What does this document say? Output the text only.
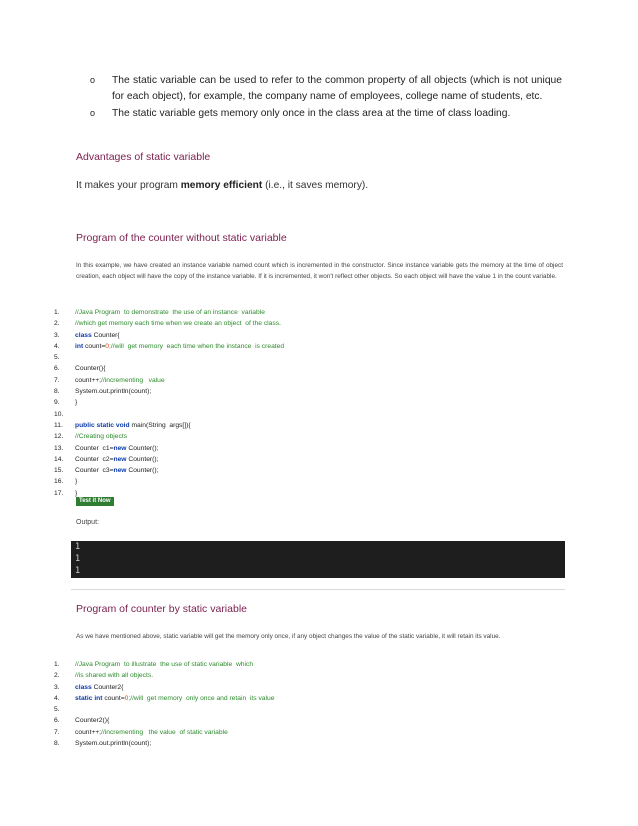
o The static variable can be used to refer to the common property of all objects (which is not unique for each object), for example, the company name of employees, college name of students, etc.
o The static variable gets memory only once in the class area at the time of class loading.
Advantages of static variable
It makes your program memory efficient (i.e., it saves memory).
Program of the counter without static variable
In this example, we have created an instance variable named count which is incremented in the constructor. Since instance variable gets the memory at the time of object creation, each object will have the copy of the instance variable. If it is incremented, it won't reflect other objects. So each object will have the value 1 in the count variable.
1. //Java Program  to demonstrate  the use of an instance  variable
2. //which get memory each time when we create an object  of the class.
3. class Counter{
4. int count=0;//will  get memory  each time when the instance  is created
5.
6. Counter(){
7. count++;//incrementing   value
8. System.out.println(count);
9. }
10.
11. public static void main(String  args[]){
12. //Creating objects
13. Counter  c1=new Counter();
14. Counter  c2=new Counter();
15. Counter  c3=new Counter();
16. }
17. }
Test it Now
Output:
1
1
1
Program of counter by static variable
As we have mentioned above, static variable will get the memory only once, if any object changes the value of the static variable, it will retain its value.
1. //Java Program  to illustrate  the use of static variable  which
2. //is shared with all objects.
3. class Counter2{
4. static int count=0;//will  get memory  only once and retain  its value
5.
6. Counter2(){
7. count++;//incrementing   the value  of static variable
8. System.out.println(count);
